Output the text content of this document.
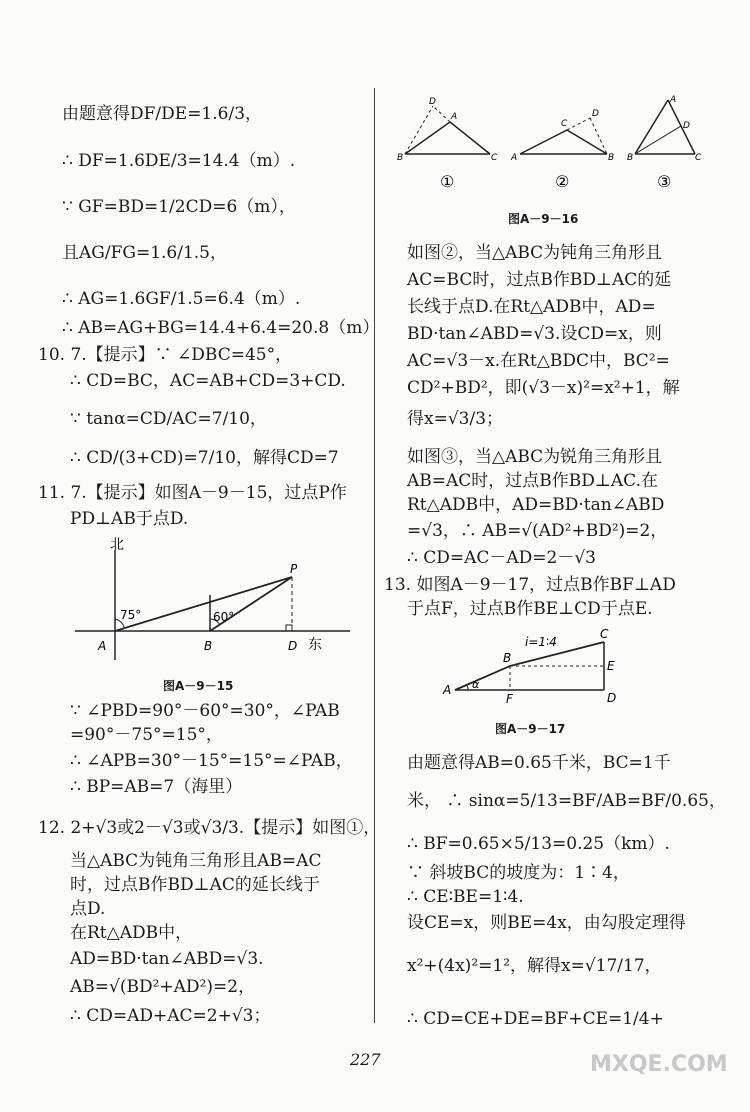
由题意得DF/DE=1.6/3，
∴ DF=1.6DE/3=14.4（m）.
∵ GF=BD=1/2CD=6（m），
且AG/FG=1.6/1.5，
∴ AG=1.6GF/1.5=6.4（m）.
∴ AB=AG+BG=14.4+6.4=20.8（m）
10. 7.【提示】∵ ∠DBC=45°，
∴ CD=BC，AC=AB+CD=3+CD.
∵ tanα=CD/AC=7/10，
∴ CD/(3+CD)=7/10，解得CD=7
11. 7.【提示】如图A－9－15，过点P作
PD⊥AB于点D.
北
东
A	B	D
P
75°	60°
图A－9－15
∵ ∠PBD=90°－60°=30°，∠PAB
=90°－75°=15°，
∴ ∠APB=30°－15°=15°=∠PAB，
∴ BP=AB=7（海里）
12. 2+√3或2－√3或√3/3.【提示】如图①，
当△ABC为钝角三角形且AB=AC
时，过点B作BD⊥AC的延长线于
点D.
在Rt△ADB中，
AD=BD·tan∠ABD=√3.
AB=√(BD²+AD²)=2，
∴ CD=AD+AC=2+√3；
B	C
A
D
①
A	B
C
D
②
B	C
A
D
③
图A－9－16
如图②，当△ABC为钝角三角形且
AC=BC时，过点B作BD⊥AC的延
长线于点D.在Rt△ADB中，AD=
BD·tan∠ABD=√3.设CD=x，则
AC=√3－x.在Rt△BDC中，BC²=
CD²+BD²，即(√3－x)²=x²+1，解
得x=√3/3；
如图③，当△ABC为锐角三角形且
AB=AC时，过点B作BD⊥AC.在
Rt△ADB中，AD=BD·tan∠ABD
=√3，∴ AB=√(AD²+BD²)=2，
∴ CD=AC－AD=2－√3
13. 如图A－9－17，过点B作BF⊥AD
于点F，过点B作BE⊥CD于点E.
i=1∶4
A
B
C
D
E
F
α
图A－9－17
由题意得AB=0.65千米，BC=1千
米， ∴ sinα=5/13=BF/AB=BF/0.65，
∴ BF=0.65×5/13=0.25（km）.
∵ 斜坡BC的坡度为：1∶4，
∴ CE∶BE=1∶4.
设CE=x，则BE=4x，由勾股定理得
x²+(4x)²=1²，解得x=√17/17，
∴ CD=CE+DE=BF+CE=1/4+
227	MXQE.COM
